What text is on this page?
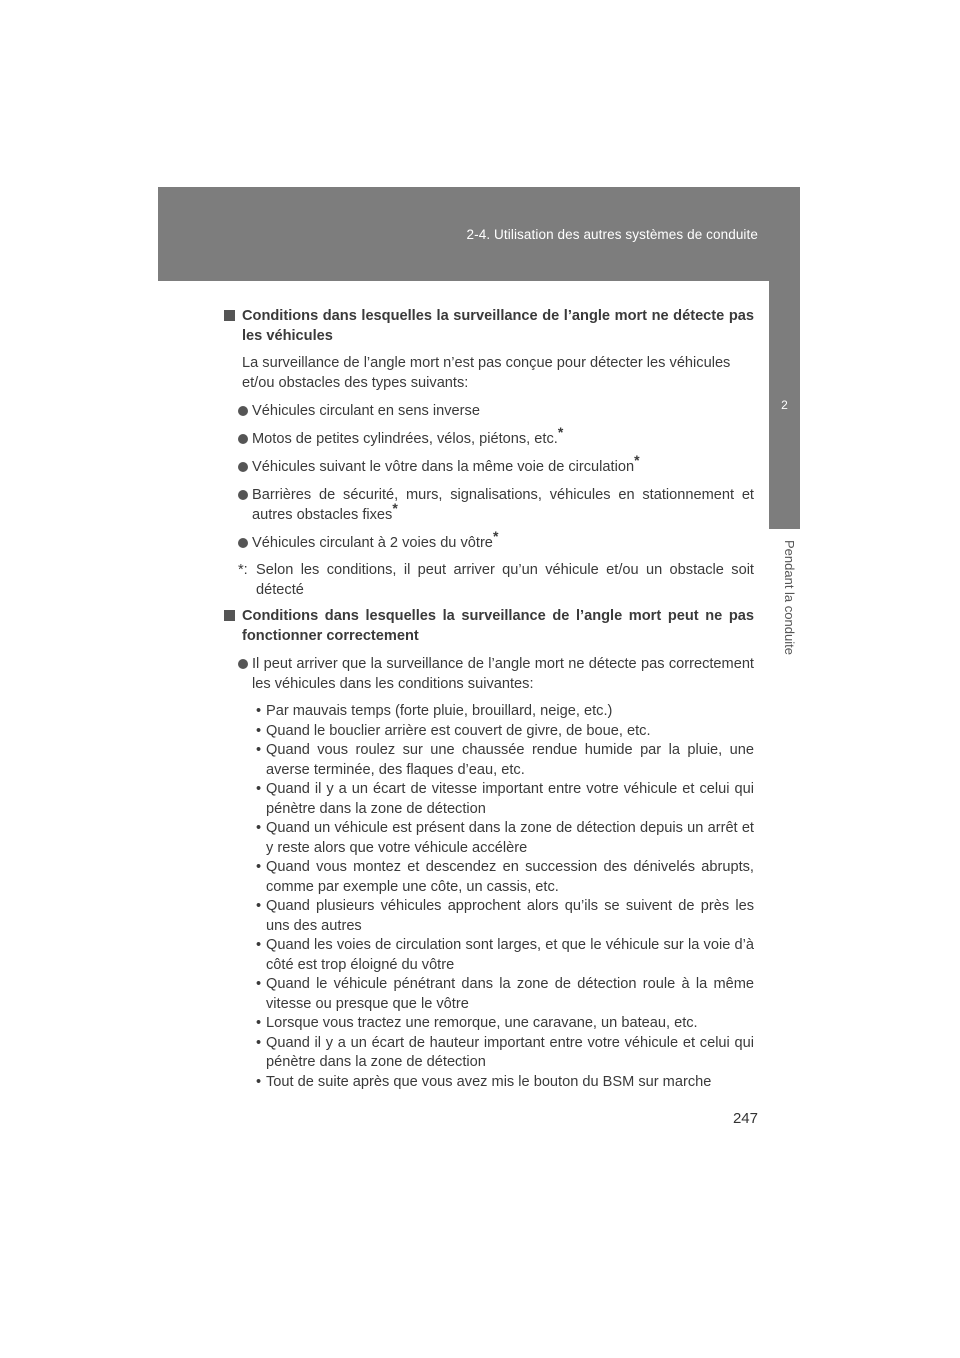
2-4. Utilisation des autres systèmes de conduite
2
Pendant la conduite
Conditions dans lesquelles la surveillance de l’angle mort ne détecte pas les véhicules
La surveillance de l’angle mort n’est pas conçue pour détecter les véhicules et/ou obstacles des types suivants:
Véhicules circulant en sens inverse
Motos de petites cylindrées, vélos, piétons, etc.*
Véhicules suivant le vôtre dans la même voie de circulation*
Barrières de sécurité, murs, signalisations, véhicules en stationnement et autres obstacles fixes*
Véhicules circulant à 2 voies du vôtre*
*: Selon les conditions, il peut arriver qu’un véhicule et/ou un obstacle soit détecté
Conditions dans lesquelles la surveillance de l’angle mort peut ne pas fonctionner correctement
Il peut arriver que la surveillance de l’angle mort ne détecte pas correctement les véhicules dans les conditions suivantes:
• Par mauvais temps (forte pluie, brouillard, neige, etc.)
• Quand le bouclier arrière est couvert de givre, de boue, etc.
• Quand vous roulez sur une chaussée rendue humide par la pluie, une averse terminée, des flaques d’eau, etc.
• Quand il y a un écart de vitesse important entre votre véhicule et celui qui pénètre dans la zone de détection
• Quand un véhicule est présent dans la zone de détection depuis un arrêt et y reste alors que votre véhicule accélère
• Quand vous montez et descendez en succession des dénivelés abrupts, comme par exemple une côte, un cassis, etc.
• Quand plusieurs véhicules approchent alors qu’ils se suivent de près les uns des autres
• Quand les voies de circulation sont larges, et que le véhicule sur la voie d’à côté est trop éloigné du vôtre
• Quand le véhicule pénétrant dans la zone de détection roule à la même vitesse ou presque que le vôtre
• Lorsque vous tractez une remorque, une caravane, un bateau, etc.
• Quand il y a un écart de hauteur important entre votre véhicule et celui qui pénètre dans la zone de détection
• Tout de suite après que vous avez mis le bouton du BSM sur marche
247
